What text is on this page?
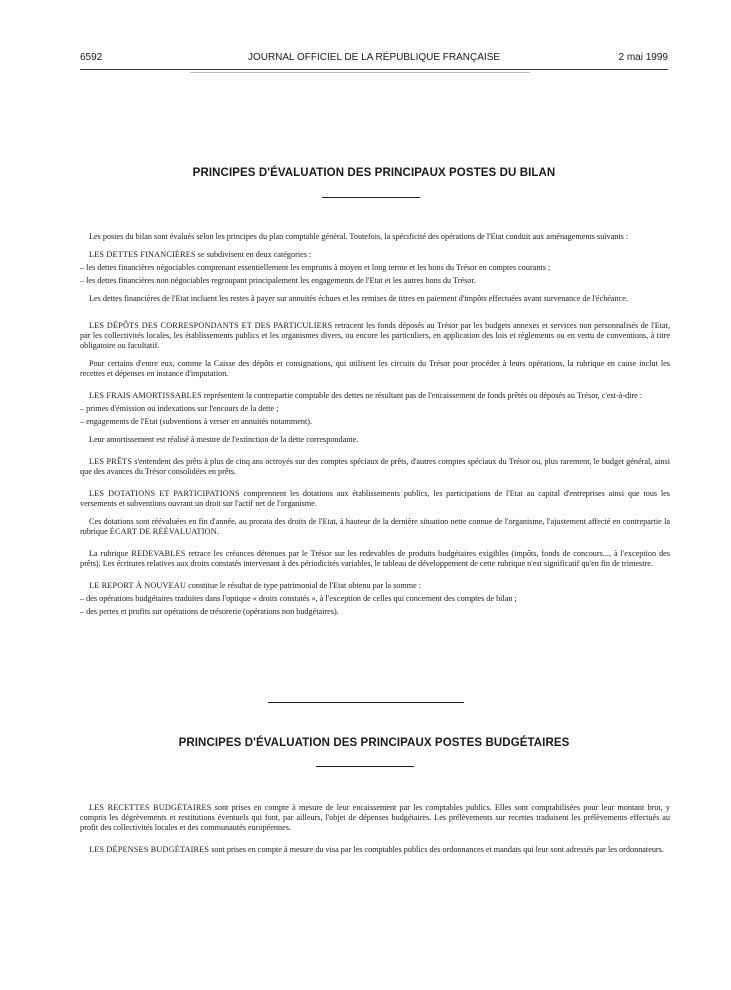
6592	JOURNAL OFFICIEL DE LA RÉPUBLIQUE FRANÇAISE	2 mai 1999
PRINCIPES D'ÉVALUATION DES PRINCIPAUX POSTES DU BILAN

Les postes du bilan sont évalués selon les principes du plan comptable général. Toutefois, la spécificité des opérations de l'Etat conduit aux aménagements suivants :

LES DETTES FINANCIÈRES se subdivisent en deux catégories :

– les dettes financières négociables comprenant essentiellement les emprunts à moyen et long terme et les bons du Trésor en comptes courants ;
– les dettes financières non négociables regroupant principalement les engagements de l'Etat et les autres bons du Trésor.

Les dettes financières de l'Etat incluent les restes à payer sur annuités échues et les remises de titres en paiement d'impôts effectuées avant survenance de l'échéance.

LES DÉPÔTS DES CORRESPONDANTS ET DES PARTICULIERS retracent les fonds déposés au Trésor par les budgets annexes et services non personnalisés de l'Etat, par les collectivités locales, les établissements publics et les organismes divers, ou encore les particuliers, en application des lois et règlements ou en vertu de conventions, à titre obligatoire ou facultatif.

Pour certains d'entre eux, comme la Caisse des dépôts et consignations, qui utilisent les circuits du Trésor pour procéder à leurs opérations, la rubrique en cause inclut les recettes et dépenses en instance d'imputation.

LES FRAIS AMORTISSABLES représentent la contrepartie comptable des dettes ne résultant pas de l'encaissement de fonds prêtés ou déposés au Trésor, c'est-à-dire :

– primes d'émission ou indexations sur l'encours de la dette ;
– engagements de l'Etat (subventions à verser en annuités notamment).

Leur amortissement est réalisé à mesure de l'extinction de la dette correspondante.

LES PRÊTS s'entendent des prêts à plus de cinq ans octroyés sur des comptes spéciaux de prêts, d'autres comptes spéciaux du Trésor ou, plus rarement, le budget général, ainsi que des avances du Trésor consolidées en prêts.

LES DOTATIONS ET PARTICIPATIONS comprennent les dotations aux établissements publics, les participations de l'Etat au capital d'entreprises ainsi que tous les versements et subventions ouvrant un droit sur l'actif net de l'organisme.

Ces dotations sont réévaluées en fin d'année, au prorata des droits de l'Etat, à hauteur de la dernière situation nette connue de l'organisme, l'ajustement affecté en contrepartie la rubrique ÉCART DE RÉÉVALUATION.

La rubrique REDEVABLES retrace les créances détenues par le Trésor sur les redevables de produits budgétaires exigibles (impôts, fonds de concours..., à l'exception des prêts). Les écritures relatives aux droits constatés intervenant à des périodicités variables, le tableau de développement de cette rubrique n'est significatif qu'en fin de trimestre.

LE REPORT À NOUVEAU constitue le résultat de type patrimonial de l'Etat obtenu par la somme :

– des opérations budgétaires traduites dans l'optique « droits constatés », à l'exception de celles qui concernent des comptes de bilan ;
– des pertes et profits sur opérations de trésorerie (opérations non budgétaires).
PRINCIPES D'ÉVALUATION DES PRINCIPAUX POSTES BUDGÉTAIRES

LES RECETTES BUDGÉTAIRES sont prises en compte à mesure de leur encaissement par les comptables publics. Elles sont comptabilisées pour leur montant brut, y compris les dégrèvements et restitutions éventuels qui font, par ailleurs, l'objet de dépenses budgétaires. Les prélèvements sur recettes traduisent les prélèvements effectués au profit des collectivités locales et des communautés européennes.

LES DÉPENSES BUDGÉTAIRES sont prises en compte à mesure du visa par les comptables publics des ordonnances et mandats qui leur sont adressés par les ordonnateurs.
